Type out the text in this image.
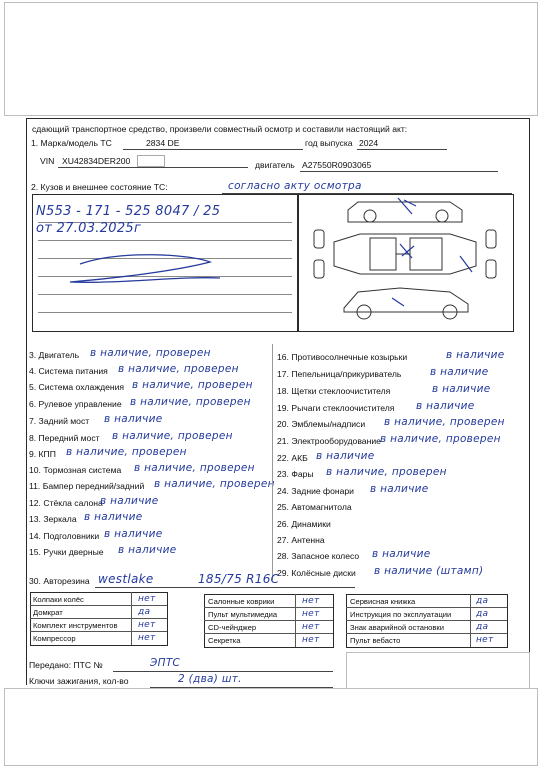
сдающий транспортное средство, произвели совместный осмотр и составили настоящий акт:
1. Марка/модель ТС	2834 DE	год выпуска 2024
VIN XU42834DER200	двигатель A27550R0903065
2. Кузов и внешнее состояние ТС:	согласно акту осмотра
N553 - 171 - 525 8047 / 25
от 27.03.2025г
3. Двигатель в наличие, проверен
4. Система питания в наличие, проверен
5. Система охлаждения в наличие, проверен
6. Рулевое управление в наличие, проверен
7. Задний мост в наличие
8. Передний мост в наличие, проверен
9. КПП в наличие, проверен
10. Тормозная система в наличие, проверен
11. Бампер передний/задний в наличие, проверен
12. Стёкла салона
в наличие
13. Зеркала в наличие
14. Подголовники в наличие
15. Ручки дверные в наличие
16. Противосолнечные козырьки	в наличие
17. Пепельница/прикуриватель	в наличие
18. Щетки стеклоочистителя	в наличие
19. Рычаги стеклоочистителя в наличие
20. Эмблемы/надписи в наличие, проверен
21. Электрооборудование в наличие, проверен
22. АКБ в наличие
23. Фары в наличие, проверен
24. Задние фонари в наличие
25. Автомагнитола
26. Динамики
27. Антенна
28. Запасное колесо в наличие
29. Колёсные диски в наличие (штамп)
30. Авторезина westlake	185/75 R16C
Колпаки колёс	нет
Домкрат	да
Комплект инструментов нет
Компрессор	нет
Салонные коврики	нет
Пульт мультимедиа	нет
CD-чейнджер	нет
Секретка	нет
Сервисная книжка	да
Инструкция по эксплуатации	да
Знак аварийной остановки	да
Пульт вебасто	нет
Передано: ПТС №	ЭПТС
Ключи зажигания, кол-во	2 (два) шт.
